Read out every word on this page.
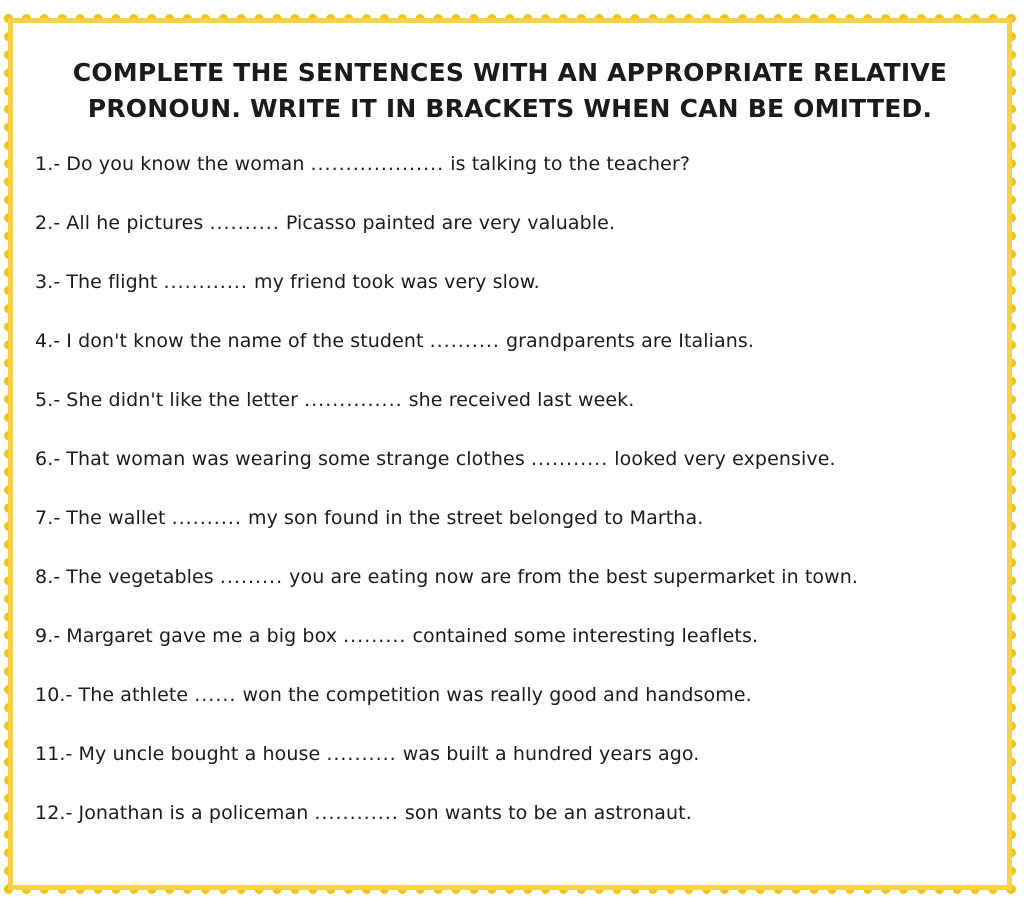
COMPLETE THE SENTENCES WITH AN APPROPRIATE RELATIVE
PRONOUN. WRITE IT IN BRACKETS WHEN CAN BE OMITTED.
1.- Do you know the woman ................... is talking to the teacher?
2.- All he pictures .......... Picasso painted are very valuable.
3.- The flight ............ my friend took was very slow.
4.- I don't know the name of the student .......... grandparents are Italians.
5.- She didn't like the letter .............. she received last week.
6.- That woman was wearing some strange clothes ........... looked very expensive.
7.- The wallet .......... my son found in the street belonged to Martha.
8.- The vegetables ......... you are eating now are from the best supermarket in town.
9.- Margaret gave me a big box ......... contained some interesting leaflets.
10.- The athlete ...... won the competition was really good and handsome.
11.- My uncle bought a house .......... was built a hundred years ago.
12.- Jonathan is a policeman ............ son wants to be an astronaut.
